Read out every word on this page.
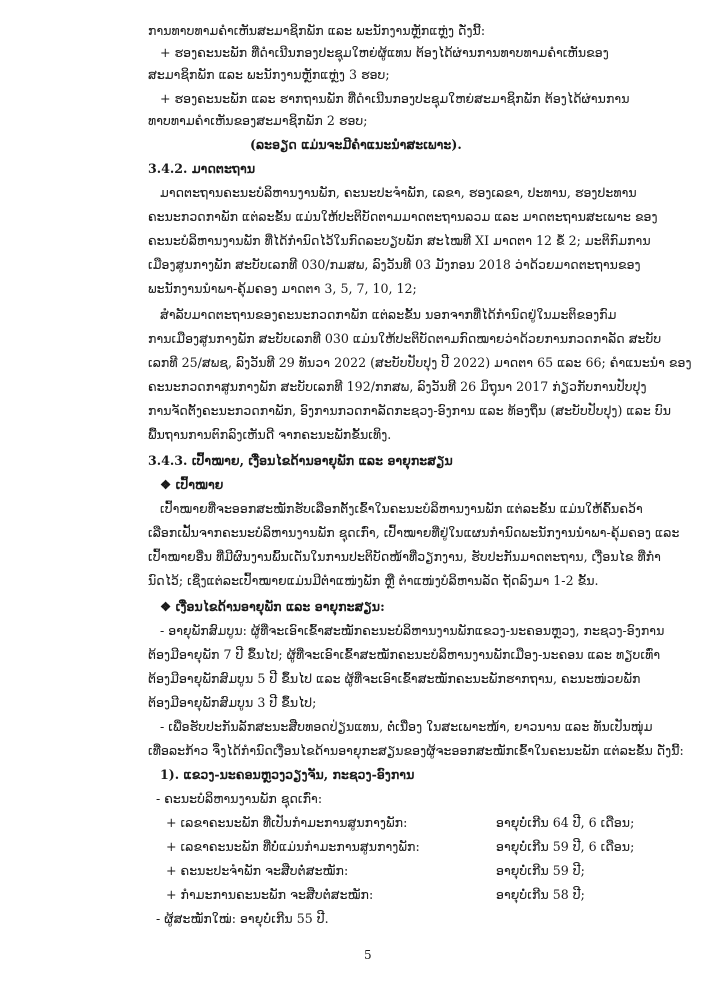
ການທາບທາມຄຳເຫັນສະມາຊິກພັກ ແລະ ພະນັກງານຫຼັກແຫຼ່ງ ດັ່ງນີ້:
+ ຮອງຄະນະພັກ ທີ່ດຳເນີນກອງປະຊຸມໃຫຍ່ຜູ້ແທນ ຕ້ອງໄດ້ຜ່ານການທາບທາມຄຳເຫັນຂອງ
ສະມາຊິກພັກ ແລະ ພະນັກງານຫຼັກແຫຼ່ງ 3 ຮອບ;
+ ຮອງຄະນະພັກ ແລະ ຮາກຖານພັກ ທີ່ດຳເນີນກອງປະຊຸມໃຫຍ່ສະມາຊິກພັກ ຕ້ອງໄດ້ຜ່ານການ
ທາບທາມຄຳເຫັນຂອງສະມາຊິກພັກ 2 ຮອບ;
(ລະອຽດ ແມ່ນຈະມີຄຳແນະນຳສະເພາະ).
3.4.2. ມາດຕະຖານ
ມາດຕະຖານຄະນະບໍລິຫານງານພັກ, ຄະນະປະຈຳພັກ, ເລຂາ, ຮອງເລຂາ, ປະທານ, ຮອງປະທານ
ຄະນະກວດກາພັກ ແຕ່ລະຂັ້ນ ແມ່ນໃຫ້ປະຕິບັດຕາມມາດຕະຖານລວມ ແລະ ມາດຕະຖານສະເພາະ ຂອງ
ຄະນະບໍລິຫານງານພັກ ທີ່ໄດ້ກຳນົດໄວ້ໃນກົດລະບຽບພັກ ສະໄໝທີ XI ມາດຕາ 12 ຂໍ້ 2; ມະຕິກົມການ
ເມືອງສູນກາງພັກ ສະບັບເລກທີ 030/ກມສພ, ລົງວັນທີ 03 ມັງກອນ 2018 ວ່າດ້ວຍມາດຕະຖານຂອງ
ພະນັກງານນຳພາ-ຄຸ້ມຄອງ ມາດຕາ 3, 5, 7, 10, 12;
ສຳລັບມາດຕະຖານຂອງຄະນະກວດກາພັກ ແຕ່ລະຂັ້ນ ນອກຈາກທີ່ໄດ້ກຳນົດຢູ່ໃນມະຕິຂອງກົມ
ການເມືອງສູນກາງພັກ ສະບັບເລກທີ 030 ແມ່ນໃຫ້ປະຕິບັດຕາມກົດໝາຍວ່າດ້ວຍການກວດກາລັດ ສະບັບ
ເລກທີ 25/ສພຊ, ລົງວັນທີ 29 ທັນວາ 2022 (ສະບັບປັບປຸງ ປີ 2022) ມາດຕາ 65 ແລະ 66; ຄຳແນະນຳ ຂອງ
ຄະນະກວດກາສູນກາງພັກ ສະບັບເລກທີ 192/ກກສພ, ລົງວັນທີ 26 ມິຖຸນາ 2017 ກ່ຽວກັບການປັບປຸງ
ການຈັດຕັ້ງຄະນະກວດກາພັກ, ອົງການກວດກາລັດກະຊວງ-ອົງການ ແລະ ທ້ອງຖິ່ນ (ສະບັບປັບປຸງ) ແລະ ບົນ
ພື້ນຖານການຕົກລົງເຫັນດີ ຈາກຄະນະພັກຂັ້ນເທິງ.
3.4.3. ເປົ້າໝາຍ, ເງື່ອນໄຂດ້ານອາຍຸພັກ ແລະ ອາຍຸກະສຽນ
❖ ເປົ້າໝາຍ
ເປົ້າໝາຍທີ່ຈະອອກສະໝັກຮັບເລືອກຕັ້ງເຂົ້າໃນຄະນະບໍລິຫານງານພັກ ແຕ່ລະຂັ້ນ ແມ່ນໃຫ້ຄົ້ນຄວ້າ
ເລືອກເຟັ້ນຈາກຄະນະບໍລິຫານງານພັກ ຊຸດເກົ່າ, ເປົ້າໝາຍທີ່ຢູ່ໃນແຜນກຳນົດພະນັກງານນຳພາ-ຄຸ້ມຄອງ ແລະ
ເປົ້າໝາຍອື່ນ ທີ່ມີຜົນງານພົ້ນເດັ່ນໃນການປະຕິບັດໜ້າທີ່ວຽກງານ, ຮັບປະກັນມາດຕະຖານ, ເງື່ອນໄຂ ທີ່ກຳ
ນົດໄວ້; ເຊິ່ງແຕ່ລະເປົ້າໝາຍແມ່ນມີຕຳແໜ່ງພັກ ຫຼື ຕຳແໜ່ງບໍລິຫານລັດ ຖັດລົງມາ 1-2 ຂັ້ນ.
❖ ເງື່ອນໄຂດ້ານອາຍຸພັກ ແລະ ອາຍຸກະສຽນ:
- ອາຍຸພັກສົມບູນ: ຜູ້ທີ່ຈະເອົາເຂົ້າສະໝັກຄະນະບໍລິຫານງານພັກແຂວງ-ນະຄອນຫຼວງ, ກະຊວງ-ອົງການ
ຕ້ອງມີອາຍຸພັກ 7 ປີ ຂຶ້ນໄປ; ຜູ້ທີ່ຈະເອົາເຂົ້າສະໝັກຄະນະບໍລິຫານງານພັກເມືອງ-ນະຄອນ ແລະ ທຽບເທົ່າ
ຕ້ອງມີອາຍຸພັກສົມບູນ 5 ປີ ຂຶ້ນໄປ ແລະ ຜູ້ທີ່ຈະເອົາເຂົ້າສະໝັກຄະນະພັກຮາກຖານ, ຄະນະໜ່ວຍພັກ
ຕ້ອງມີອາຍຸພັກສົມບູນ 3 ປີ ຂຶ້ນໄປ;
- ເພື່ອຮັບປະກັນລັກສະນະສືບທອດປ່ຽນແທນ, ຕໍ່ເນື່ອງ ໃນສະເພາະໜ້າ, ຍາວນານ ແລະ ທັນເປັນໜຸ່ມ
ເທື່ອລະກ້າວ ຈຶ່ງໄດ້ກຳນົດເງື່ອນໄຂດ້ານອາຍຸກະສຽນຂອງຜູ້ຈະອອກສະໝັກເຂົ້າໃນຄະນະພັກ ແຕ່ລະຂັ້ນ ດັ່ງນີ້:
1). ແຂວງ-ນະຄອນຫຼວງວຽງຈັນ, ກະຊວງ-ອົງການ
- ຄະນະບໍລິຫານງານພັກ ຊຸດເກົ່າ:
+ ເລຂາຄະນະພັກ ທີ່ເປັນກຳມະການສູນກາງພັກ:	ອາຍຸບໍ່ເກີນ 64 ປີ, 6 ເດືອນ;
+ ເລຂາຄະນະພັກ ທີ່ບໍ່ແມ່ນກຳມະການສູນກາງພັກ:	ອາຍຸບໍ່ເກີນ 59 ປີ, 6 ເດືອນ;
+ ຄະນະປະຈຳພັກ ຈະສືບຕໍ່ສະໝັກ:	ອາຍຸບໍ່ເກີນ 59 ປີ;
+ ກຳມະການຄະນະພັກ ຈະສືບຕໍ່ສະໝັກ:	ອາຍຸບໍ່ເກີນ 58 ປີ;
- ຜູ້ສະໝັກໃໝ່: ອາຍຸບໍ່ເກີນ 55 ປີ.
5
